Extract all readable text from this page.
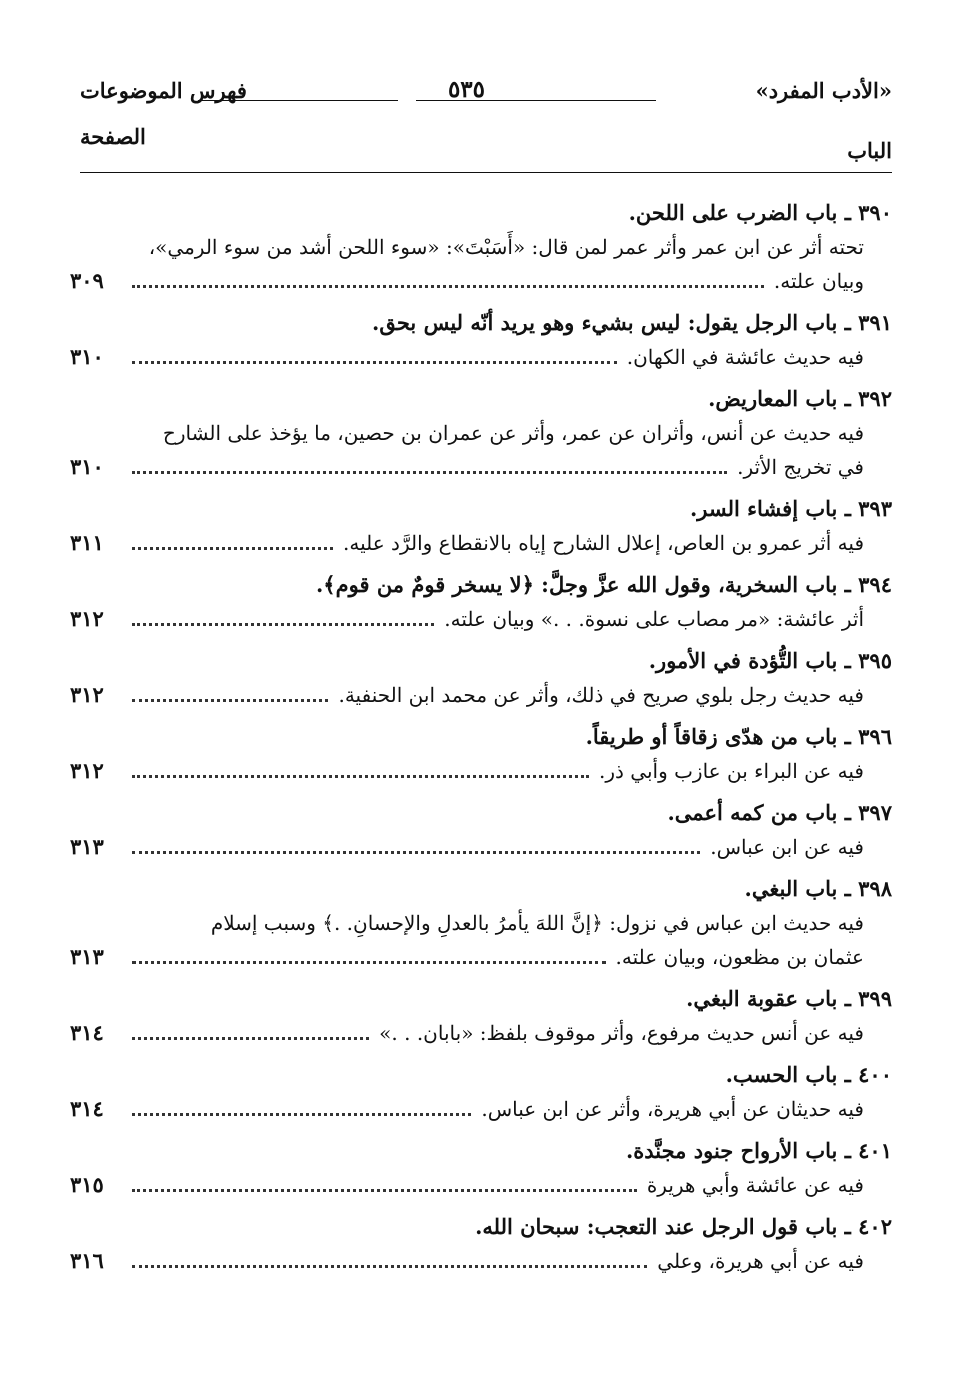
«الأدب المفرد»
٥٣٥
فهرس الموضوعات
الباب
الصفحة
٣٩٠ ـ باب الضرب على اللحن.
تحته أثر عن ابن عمر وأثر عمر لمن قال: «أَسَبْتَ»: «سوء اللحن أشد من سوء الرمي»،
وبيان علته.
٣٠٩
٣٩١ ـ باب الرجل يقول: ليس بشيء وهو يريد أنّه ليس بحق.
فيه حديث عائشة في الكهان.
٣١٠
٣٩٢ ـ باب المعاريض.
فيه حديث عن أنس، وأثران عن عمر، وأثر عن عمران بن حصين، ما يؤخذ على الشارح
في تخريج الأثر.
٣١٠
٣٩٣ ـ باب إفشاء السر.
فيه أثر عمرو بن العاص، إعلال الشارح إياه بالانقطاع والرَّد عليه.
٣١١
٣٩٤ ـ باب السخرية، وقول الله عزَّ وجلَّ: ﴿لا يسخر قومٌ من قوم﴾.
أثر عائشة: «مر مصاب على نسوة. . .» وبيان علته.
٣١٢
٣٩٥ ـ باب التُّؤدة في الأمور.
فيه حديث رجل بلوي صريح في ذلك، وأثر عن محمد ابن الحنفية.
٣١٢
٣٩٦ ـ باب من هدّى زقاقاً أو طريقاً.
فيه عن البراء بن عازب وأبي ذر.
٣١٢
٣٩٧ ـ باب من كمه أعمى.
فيه عن ابن عباس.
٣١٣
٣٩٨ ـ باب البغي.
فيه حديث ابن عباس في نزول: ﴿إنَّ اللهَ يأمرُ بالعدلِ والإحسانِ. .﴾ وسبب إسلام
عثمان بن مظعون، وبيان علته.
٣١٣
٣٩٩ ـ باب عقوبة البغي.
فيه عن أنس حديث مرفوع، وأثر موقوف بلفظ: «بابان. . .»
٣١٤
٤٠٠ ـ باب الحسب.
فيه حديثان عن أبي هريرة، وأثر عن ابن عباس.
٣١٤
٤٠١ ـ باب الأرواح جنود مجنَّدة.
فيه عن عائشة وأبي هريرة
٣١٥
٤٠٢ ـ باب قول الرجل عند التعجب: سبحان الله.
فيه عن أبي هريرة، وعلي
٣١٦
